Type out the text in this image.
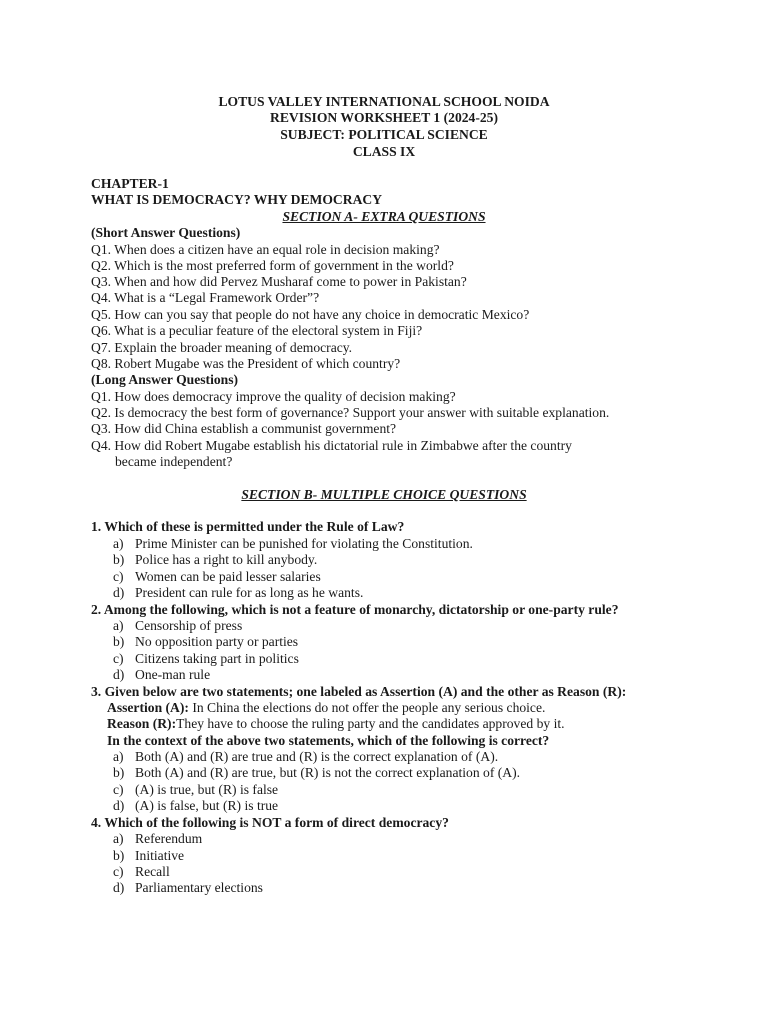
LOTUS VALLEY INTERNATIONAL SCHOOL NOIDA
REVISION WORKSHEET 1 (2024-25)
SUBJECT: POLITICAL SCIENCE
CLASS IX
CHAPTER-1
WHAT IS DEMOCRACY? WHY DEMOCRACY
SECTION A- EXTRA QUESTIONS
(Short Answer Questions)
Q1. When does a citizen have an equal role in decision making?
Q2. Which is the most preferred form of government in the world?
Q3. When and how did Pervez Musharaf come to power in Pakistan?
Q4. What is a “Legal Framework Order”?
Q5. How can you say that people do not have any choice in democratic Mexico?
Q6. What is a peculiar feature of the electoral system in Fiji?
Q7. Explain the broader meaning of democracy.
Q8. Robert Mugabe was the President of which country?
(Long Answer Questions)
Q1. How does democracy improve the quality of decision making?
Q2. Is democracy the best form of governance? Support your answer with suitable explanation.
Q3. How did China establish a communist government?
Q4. How did Robert Mugabe establish his dictatorial rule in Zimbabwe after the country
became independent?
SECTION B- MULTIPLE CHOICE QUESTIONS
1. Which of these is permitted under the Rule of Law?
a) Prime Minister can be punished for violating the Constitution.
b) Police has a right to kill anybody.
c) Women can be paid lesser salaries
d) President can rule for as long as he wants.
2. Among the following, which is not a feature of monarchy, dictatorship or one-party rule?
a) Censorship of press
b) No opposition party or parties
c) Citizens taking part in politics
d) One-man rule
3. Given below are two statements; one labeled as Assertion (A) and the other as Reason (R):
Assertion (A): In China the elections do not offer the people any serious choice.
Reason (R):They have to choose the ruling party and the candidates approved by it.
In the context of the above two statements, which of the following is correct?
a) Both (A) and (R) are true and (R) is the correct explanation of (A).
b) Both (A) and (R) are true, but (R) is not the correct explanation of (A).
c) (A) is true, but (R) is false
d) (A) is false, but (R) is true
4. Which of the following is NOT a form of direct democracy?
a) Referendum
b) Initiative
c) Recall
d) Parliamentary elections
